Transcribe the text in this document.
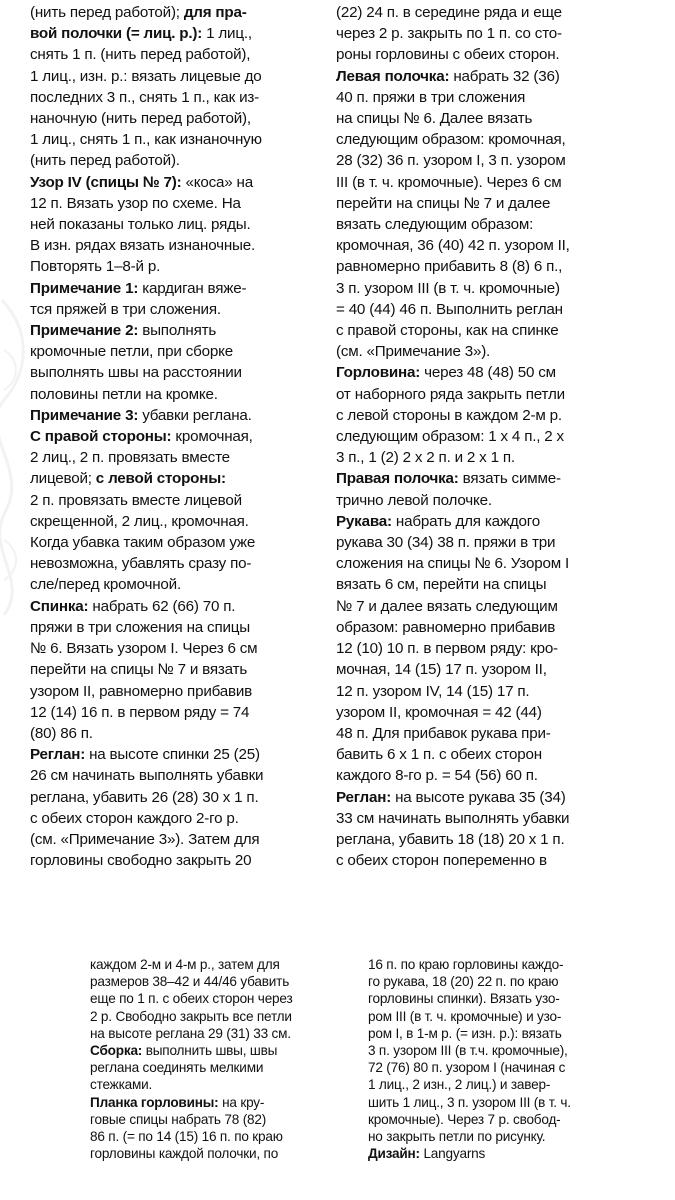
(нить перед работой); для пра-
вой полочки (= лиц. р.): 1 лиц.,
снять 1 п. (нить перед работой),
1 лиц., изн. р.: вязать лицевые до
последних 3 п., снять 1 п., как из-
наночную (нить перед работой),
1 лиц., снять 1 п., как изнаночную
(нить перед работой).
Узор IV (спицы № 7): «коса» на
12 п. Вязать узор по схеме. На
ней показаны только лиц. ряды.
В изн. рядах вязать изнаночные.
Повторять 1–8-й р.
Примечание 1: кардиган вяже-
тся пряжей в три сложения.
Примечание 2: выполнять
кромочные петли, при сборке
выполнять швы на расстоянии
половины петли на кромке.
Примечание 3: убавки реглана.
С правой стороны: кромочная,
2 лиц., 2 п. провязать вместе
лицевой; с левой стороны:
2 п. провязать вместе лицевой
скрещенной, 2 лиц., кромочная.
Когда убавка таким образом уже
невозможна, убавлять сразу по-
сле/перед кромочной.
Спинка: набрать 62 (66) 70 п.
пряжи в три сложения на спицы
№ 6. Вязать узором I. Через 6 см
перейти на спицы № 7 и вязать
узором II, равномерно прибавив
12 (14) 16 п. в первом ряду = 74
(80) 86 п.
Реглан: на высоте спинки 25 (25)
26 см начинать выполнять убавки
реглана, убавить 26 (28) 30 х 1 п.
с обеих сторон каждого 2-го р.
(см. «Примечание 3»). Затем для
горловины свободно закрыть 20
(22) 24 п. в середине ряда и еще
через 2 р. закрыть по 1 п. со сто-
роны горловины с обеих сторон.
Левая полочка: набрать 32 (36)
40 п. пряжи в три сложения
на спицы № 6. Далее вязать
следующим образом: кромочная,
28 (32) 36 п. узором I, 3 п. узором
III (в т. ч. кромочные). Через 6 см
перейти на спицы № 7 и далее
вязать следующим образом:
кромочная, 36 (40) 42 п. узором II,
равномерно прибавить 8 (8) 6 п.,
3 п. узором III (в т. ч. кромочные)
= 40 (44) 46 п. Выполнить реглан
с правой стороны, как на спинке
(см. «Примечание 3»).
Горловина: через 48 (48) 50 см
от наборного ряда закрыть петли
с левой стороны в каждом 2-м р.
следующим образом: 1 х 4 п., 2 х
3 п., 1 (2) 2 х 2 п. и 2 х 1 п.
Правая полочка: вязать симме-
трично левой полочке.
Рукава: набрать для каждого
рукава 30 (34) 38 п. пряжи в три
сложения на спицы № 6. Узором I
вязать 6 см, перейти на спицы
№ 7 и далее вязать следующим
образом: равномерно прибавив
12 (10) 10 п. в первом ряду: кро-
мочная, 14 (15) 17 п. узором II,
12 п. узором IV, 14 (15) 17 п.
узором II, кромочная = 42 (44)
48 п. Для прибавок рукава при-
бавить 6 х 1 п. с обеих сторон
каждого 8-го р. = 54 (56) 60 п.
Реглан: на высоте рукава 35 (34)
33 см начинать выполнять убавки
реглана, убавить 18 (18) 20 х 1 п.
с обеих сторон попеременно в
каждом 2-м и 4-м р., затем для
размеров 38–42 и 44/46 убавить
еще по 1 п. с обеих сторон через
2 р. Свободно закрыть все петли
на высоте реглана 29 (31) 33 см.
Сборка: выполнить швы, швы
реглана соединять мелкими
стежками.
Планка горловины: на кру-
говые спицы набрать 78 (82)
86 п. (= по 14 (15) 16 п. по краю
горловины каждой полочки, по
16 п. по краю горловины каждо-
го рукава, 18 (20) 22 п. по краю
горловины спинки). Вязать узо-
ром III (в т. ч. кромочные) и узо-
ром I, в 1-м р. (= изн. р.): вязать
3 п. узором III (в т.ч. кромочные),
72 (76) 80 п. узором I (начиная с
1 лиц., 2 изн., 2 лиц.) и завер-
шить 1 лиц., 3 п. узором III (в т. ч.
кромочные). Через 7 р. свобод-
но закрыть петли по рисунку.
Дизайн: Langyarns
